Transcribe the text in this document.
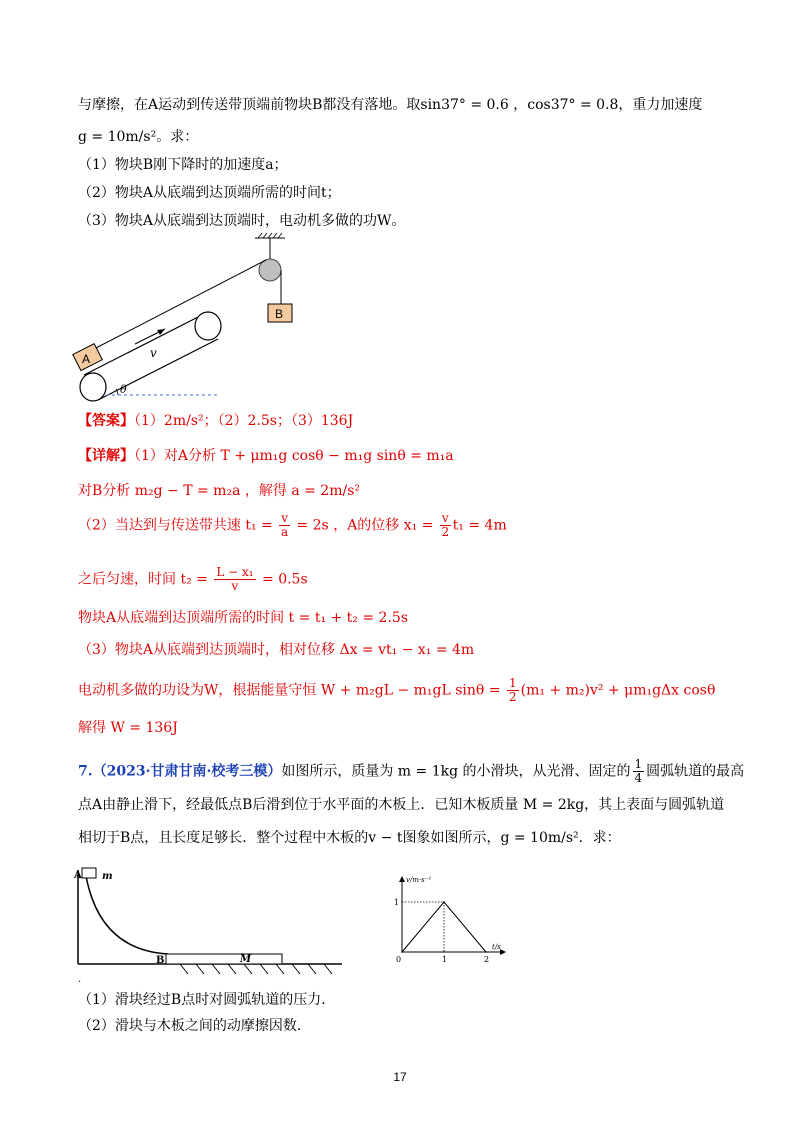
与摩擦，在A运动到传送带顶端前物块B都没有落地。取sin37° = 0.6 ，cos37° = 0.8，重力加速度
g = 10m/s²。求：
（1）物块B刚下降时的加速度a；
（2）物块A从底端到达顶端所需的时间t；
（3）物块A从底端到达顶端时，电动机多做的功W。
A
B
v
θ
【答案】（1）2m/s²；（2）2.5s；（3）136J
【详解】（1）对A分析 T + μm₁g cosθ − m₁g sinθ = m₁a
对B分析 m₂g − T = m₂a ，解得 a = 2m/s²
（2）当达到与传送带共速 $t_1 = \frac{v}{a} = 2s$ ，A的位移 $x_1 = \frac{v}{2} t_1 = 4m$
之后匀速，时间 $t_2 = \frac{\text{L − x₁}}{v} = 0.5s$
物块A从底端到达顶端所需的时间 t = t₁ + t₂ = 2.5s
（3）物块A从底端到达顶端时，相对位移 Δx = vt₁ − x₁ = 4m
电动机多做的功设为W，根据能量守恒 W + m₂gL − m₁gL $\sin\theta = \frac{1}{2} (m_1 + m_2)v^2 + \mu m_1g\Delta x$ cosθ
解得 W = 136J
7.（2023·甘肃甘南·校考三模）如图所示，质量为 m = 1kg 的小滑块，从光滑、固定的 $\frac{1}{4}$ 圆弧轨道的最高
点A由静止滑下，经最低点B后滑到位于水平面的木板上．已知木板质量 M = 2kg，其上表面与圆弧轨道
相切于B点，且长度足够长．整个过程中木板的v − t图象如图所示，g = 10m/s²．求：
A m
B	M
.
v/m·s⁻¹
t/s
0	1	2
1
（1）滑块经过B点时对圆弧轨道的压力．
（2）滑块与木板之间的动摩擦因数．
17
